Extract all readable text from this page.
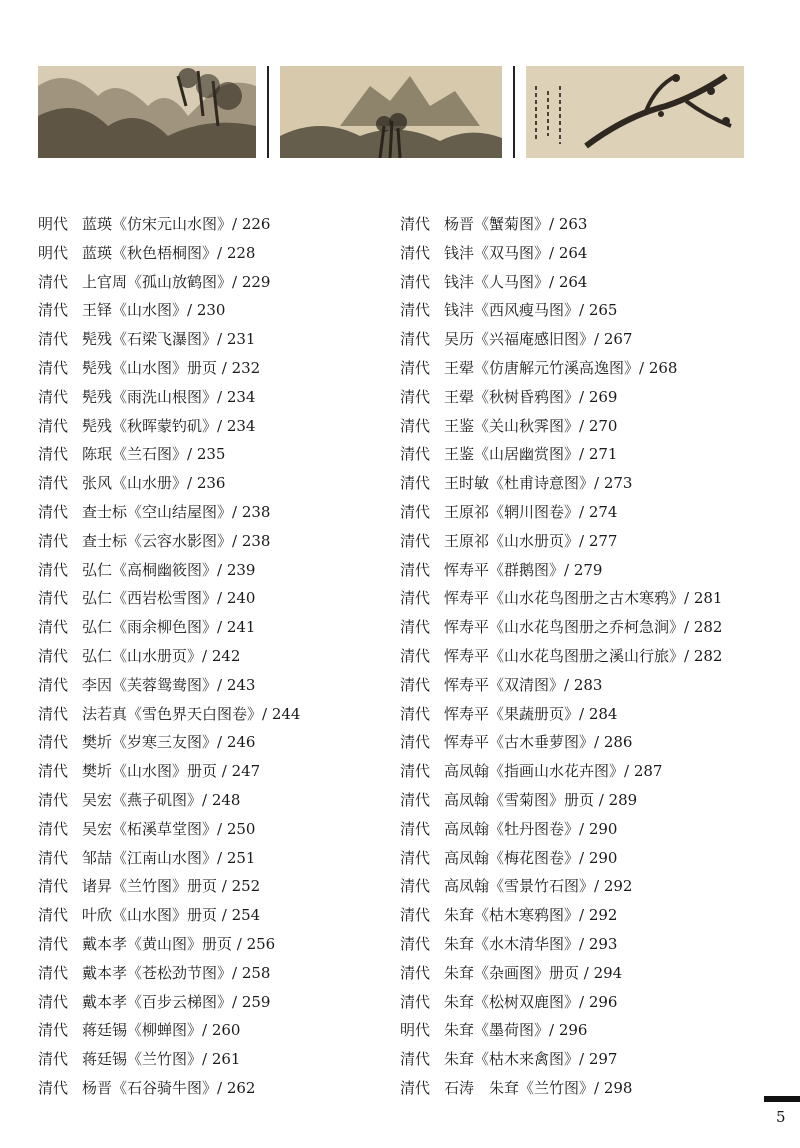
明代 蓝瑛《仿宋元山水图》/ 226
明代 蓝瑛《秋色梧桐图》/ 228
清代 上官周《孤山放鹤图》/ 229
清代 王铎《山水图》/ 230
清代 髡残《石梁飞瀑图》/ 231
清代 髡残《山水图》册页 / 232
清代 髡残《雨洗山根图》/ 234
清代 髡残《秋晖蒙钓矶》/ 234
清代 陈珉《兰石图》/ 235
清代 张风《山水册》/ 236
清代 查士标《空山结屋图》/ 238
清代 查士标《云容水影图》/ 238
清代 弘仁《高桐幽筱图》/ 239
清代 弘仁《西岩松雪图》/ 240
清代 弘仁《雨余柳色图》/ 241
清代 弘仁《山水册页》/ 242
清代 李因《芙蓉鸳鸯图》/ 243
清代 法若真《雪色界天白图卷》/ 244
清代 樊圻《岁寒三友图》/ 246
清代 樊圻《山水图》册页 / 247
清代 吴宏《燕子矶图》/ 248
清代 吴宏《柘溪草堂图》/ 250
清代 邹喆《江南山水图》/ 251
清代 诸昇《兰竹图》册页 / 252
清代 叶欣《山水图》册页 / 254
清代 戴本孝《黄山图》册页 / 256
清代 戴本孝《苍松劲节图》/ 258
清代 戴本孝《百步云梯图》/ 259
清代 蒋廷锡《柳蝉图》/ 260
清代 蒋廷锡《兰竹图》/ 261
清代 杨晋《石谷骑牛图》/ 262
清代 杨晋《蟹菊图》/ 263
清代 钱沣《双马图》/ 264
清代 钱沣《人马图》/ 264
清代 钱沣《西风瘦马图》/ 265
清代 吴历《兴福庵感旧图》/ 267
清代 王翚《仿唐解元竹溪高逸图》/ 268
清代 王翚《秋树昏鸦图》/ 269
清代 王鉴《关山秋霁图》/ 270
清代 王鉴《山居幽赏图》/ 271
清代 王时敏《杜甫诗意图》/ 273
清代 王原祁《辋川图卷》/ 274
清代 王原祁《山水册页》/ 277
清代 恽寿平《群鹅图》/ 279
清代 恽寿平《山水花鸟图册之古木寒鸦》/ 281
清代 恽寿平《山水花鸟图册之乔柯急涧》/ 282
清代 恽寿平《山水花鸟图册之溪山行旅》/ 282
清代 恽寿平《双清图》/ 283
清代 恽寿平《果蔬册页》/ 284
清代 恽寿平《古木垂萝图》/ 286
清代 高凤翰《指画山水花卉图》/ 287
清代 高凤翰《雪菊图》册页 / 289
清代 高凤翰《牡丹图卷》/ 290
清代 高凤翰《梅花图卷》/ 290
清代 高凤翰《雪景竹石图》/ 292
清代 朱耷《枯木寒鸦图》/ 292
清代 朱耷《水木清华图》/ 293
清代 朱耷《杂画图》册页 / 294
清代 朱耷《松树双鹿图》/ 296
明代 朱耷《墨荷图》/ 296
清代 朱耷《枯木来禽图》/ 297
清代 石涛　朱耷《兰竹图》/ 298
5
